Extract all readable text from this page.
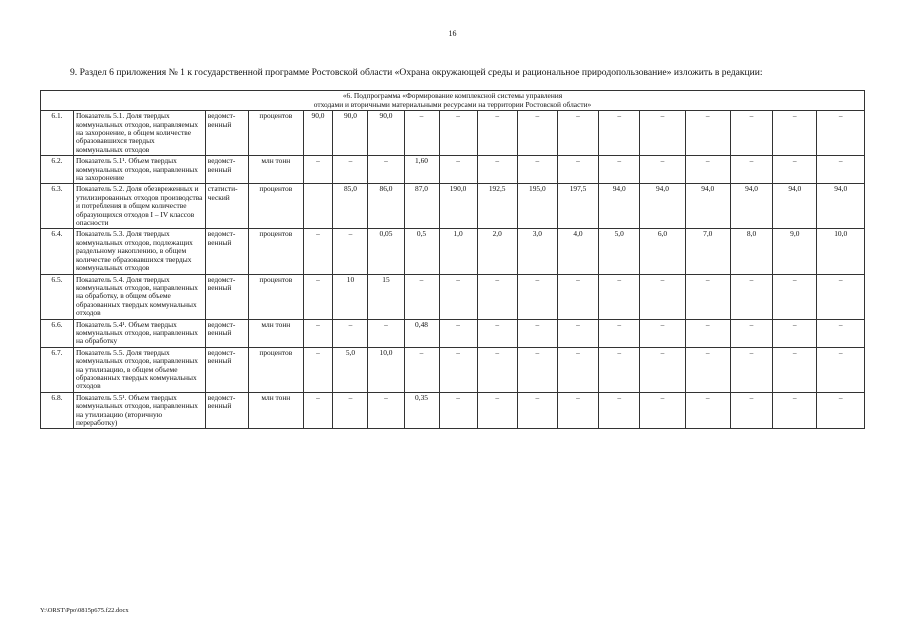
16
9. Раздел 6 приложения № 1 к государственной программе Ростовской области «Охрана окружающей среды и рациональное природопользование» изложить в редакции:
«6. Подпрограмма «Формирование комплексной системы управления
отходами и вторичными материальными ресурсами на территории Ростовской области»																	

6.1.	Показатель 5.1. Доля твердых коммунальных отходов, направляемых на захоронение, в общем количестве образовавшихся твердых коммунальных отходов	ведомст-венный	процентов	90,0	90,0	90,0	–	–	–	–	–	–	–	–	–	–	–
6.2.	Показатель 5.1¹. Объем твердых коммунальных отходов, направленных на захоронение	ведомст-венный	млн тонн	–	–	–	1,60	–	–	–	–	–	–	–	–	–	–
6.3.	Показатель 5.2. Доля обезвреженных и утилизированных отходов производства и потребления в общем количестве образующихся отходов I – IV классов опасности	статисти-ческий	процентов		85,0	86,0	87,0	190,0	192,5	195,0	197,5	94,0	94,0	94,0	94,0	94,0	94,0
6.4.	Показатель 5.3. Доля твердых коммунальных отходов, подлежащих раздельному накоплению, в общем количестве образовавшихся твердых коммунальных отходов	ведомст-венный	процентов	–	–	0,05	0,5	1,0	2,0	3,0	4,0	5,0	6,0	7,0	8,0	9,0	10,0
6.5.	Показатель 5.4. Доля твердых коммунальных отходов, направленных на обработку, в общем объеме образованных твердых коммунальных отходов	ведомст-венный	процентов	–	10	15	–	–	–	–	–	–	–	–	–	–	–
6.6.	Показатель 5.4¹. Объем твердых коммунальных отходов, направленных на обработку	ведомст-венный	млн тонн	–	–	–	0,48	–	–	–	–	–	–	–	–	–	–
6.7.	Показатель 5.5. Доля твердых коммунальных отходов, направленных на утилизацию, в общем объеме образованных твердых коммунальных отходов	ведомст-венный	процентов	–	5,0	10,0	–	–	–	–	–	–	–	–	–	–	–
6.8.	Показатель 5.5¹. Объем твердых коммунальных отходов, направленных на утилизацию (вторичную переработку)	ведомст-венный	млн тонн	–	–	–	0,35	–	–	–	–	–	–	–	–	–	–
Y:\ORST\Ppo\0815p675.f22.docx
